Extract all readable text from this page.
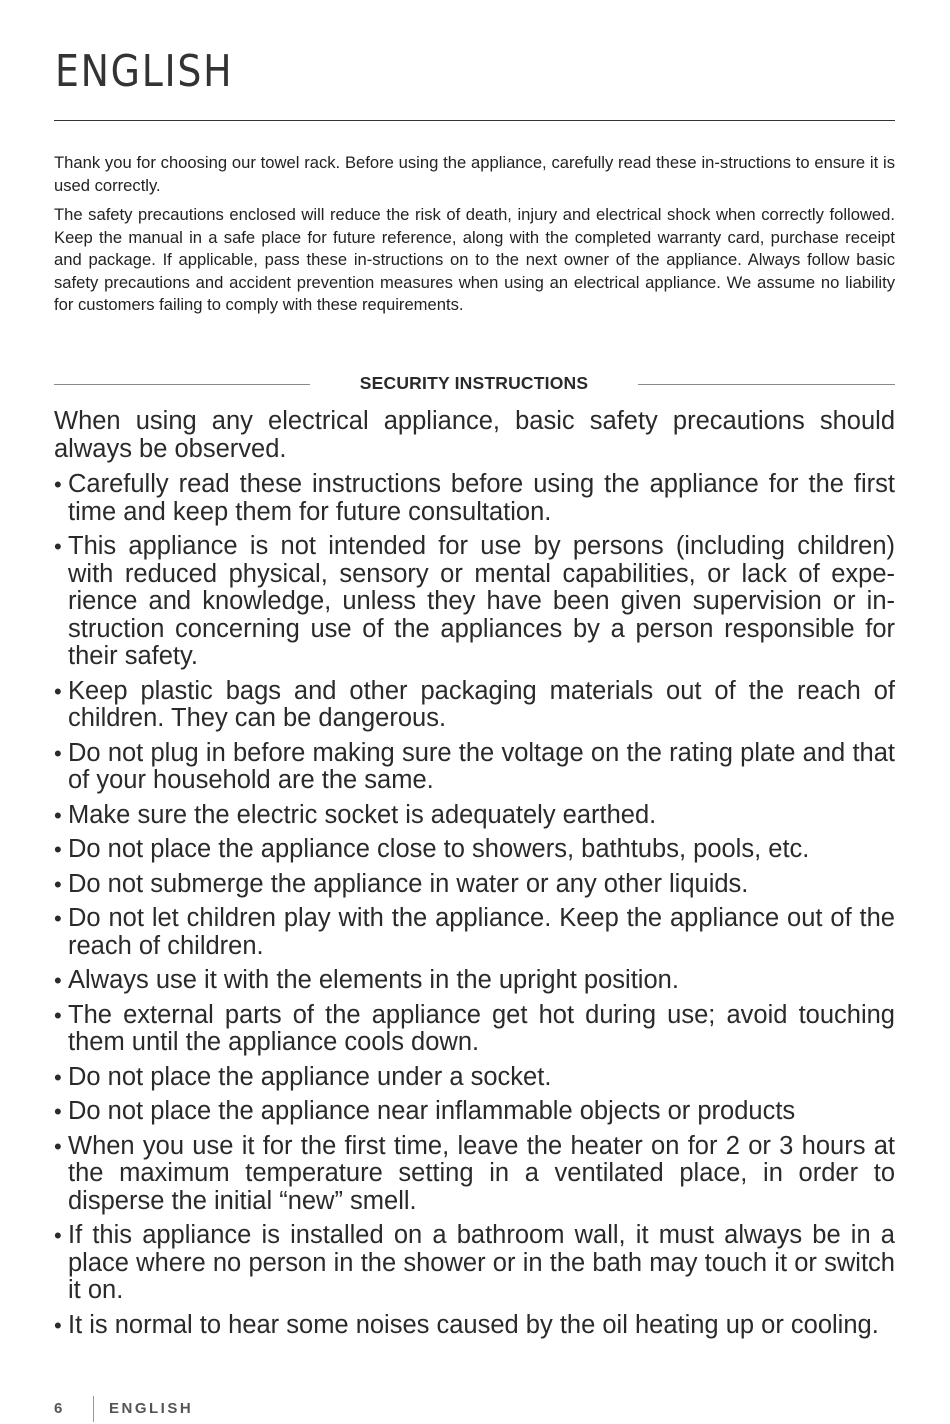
ENGLISH

Thank you for choosing our towel rack. Before using the appliance, carefully read these in-structions to ensure it is used correctly.

The safety precautions enclosed will reduce the risk of death, injury and electrical shock when correctly followed. Keep the manual in a safe place for future reference, along with the completed warranty card, purchase receipt and package. If applicable, pass these in-structions on to the next owner of the appliance. Always follow basic safety precautions and accident prevention measures when using an electrical appliance. We assume no liability for customers failing to comply with these requirements.

SECURITY INSTRUCTIONS

When using any electrical appliance, basic safety precautions should always be observed.

• Carefully read these instructions before using the appliance for the first time and keep them for future consultation.
• This appliance is not intended for use by persons (including children) with reduced physical, sensory or mental capabilities, or lack of expe-rience and knowledge, unless they have been given supervision or in-struction concerning use of the appliances by a person responsible for their safety.
• Keep plastic bags and other packaging materials out of the reach of children. They can be dangerous.
• Do not plug in before making sure the voltage on the rating plate and that of your household are the same.
• Make sure the electric socket is adequately earthed.
• Do not place the appliance close to showers, bathtubs, pools, etc.
• Do not submerge the appliance in water or any other liquids.
• Do not let children play with the appliance. Keep the appliance out of the reach of children.
• Always use it with the elements in the upright position.
• The external parts of the appliance get hot during use; avoid touching them until the appliance cools down.
• Do not place the appliance under a socket.
• Do not place the appliance near inflammable objects or products
• When you use it for the first time, leave the heater on for 2 or 3 hours at the maximum temperature setting in a ventilated place, in order to disperse the initial “new” smell.
• If this appliance is installed on a bathroom wall, it must always be in a place where no person in the shower or in the bath may touch it or switch it on.
• It is normal to hear some noises caused by the oil heating up or cooling.
6	ENGLISH
